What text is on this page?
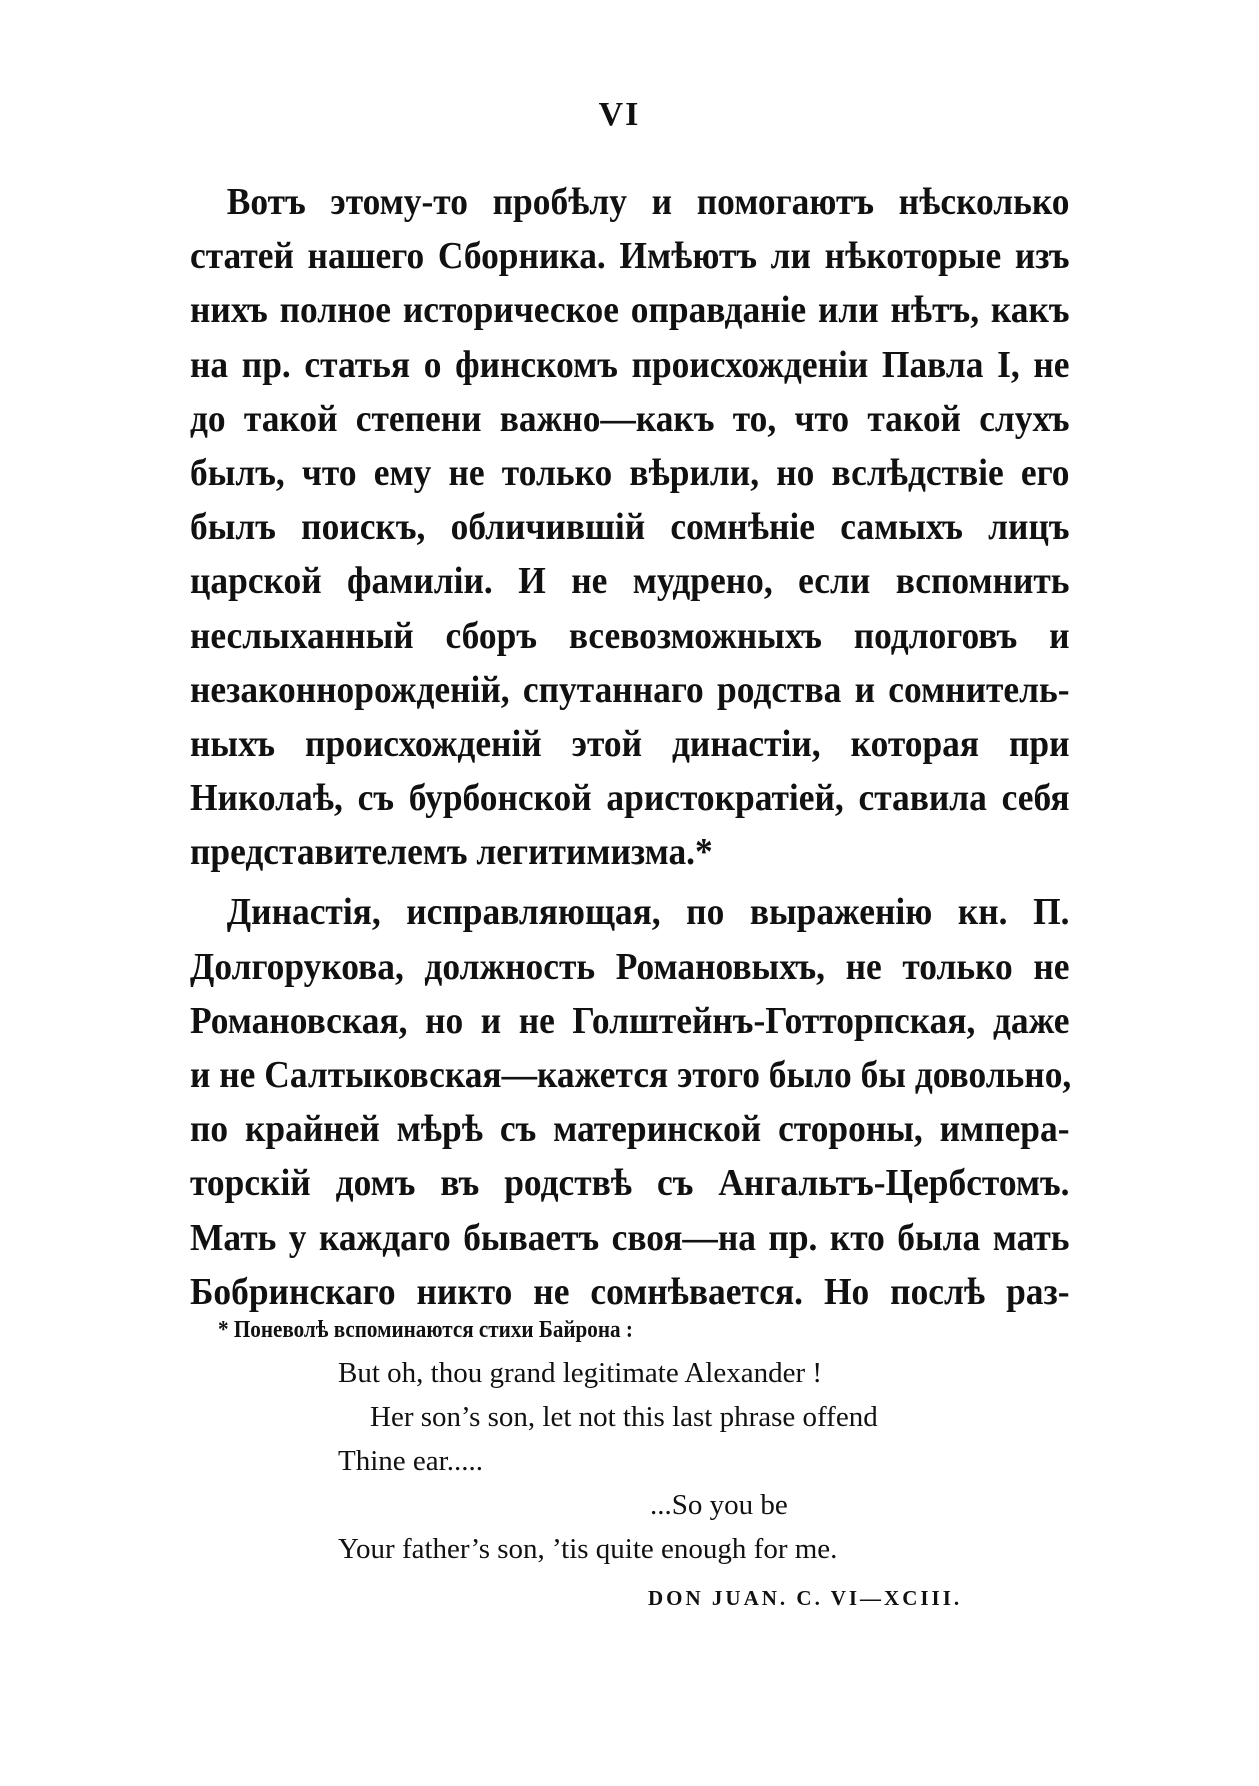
VI
Вотъ этому-то пробѣлу и помогаютъ нѣсколько
статей нашего Сборника. Имѣютъ ли нѣкоторые изъ
нихъ полное историческое оправданіе или нѣтъ, какъ
на пр. статья о финскомъ происхожденіи Павла I, не
до такой степени важно—какъ то, что такой слухъ
былъ, что ему не только вѣрили, но вслѣдствіе его
былъ поискъ, обличившій сомнѣніе самыхъ лицъ
царской фамиліи. И не мудрено, если вспомнить
неслыханный сборъ всевозможныхъ подлоговъ и
незаконнорожденій, спутаннаго родства и сомнитель-
ныхъ происхожденій этой династіи, которая при
Николаѣ, съ бурбонской аристократіей, ставила себя
представителемъ легитимизма.*
Династія, исправляющая, по выраженію кн. П.
Долгорукова, должность Романовыхъ, не только не
Романовская, но и не Голштейнъ-Готторпская, даже
и не Салтыковская—кажется этого было бы довольно,
по крайней мѣрѣ съ материнской стороны, импера-
торскій домъ въ родствѣ съ Ангальтъ-Цербстомъ.
Мать у каждаго бываетъ своя—на пр. кто была мать
Бобринскаго никто не сомнѣвается. Но послѣ раз-
* Поневолѣ вспоминаются стихи Байрона :
But oh, thou grand legitimate Alexander !
Her son’s son, let not this last phrase offend
Thine ear.....
...So you be
Your father’s son, ’tis quite enough for me.
DON JUAN. C. VI—XCIII.
